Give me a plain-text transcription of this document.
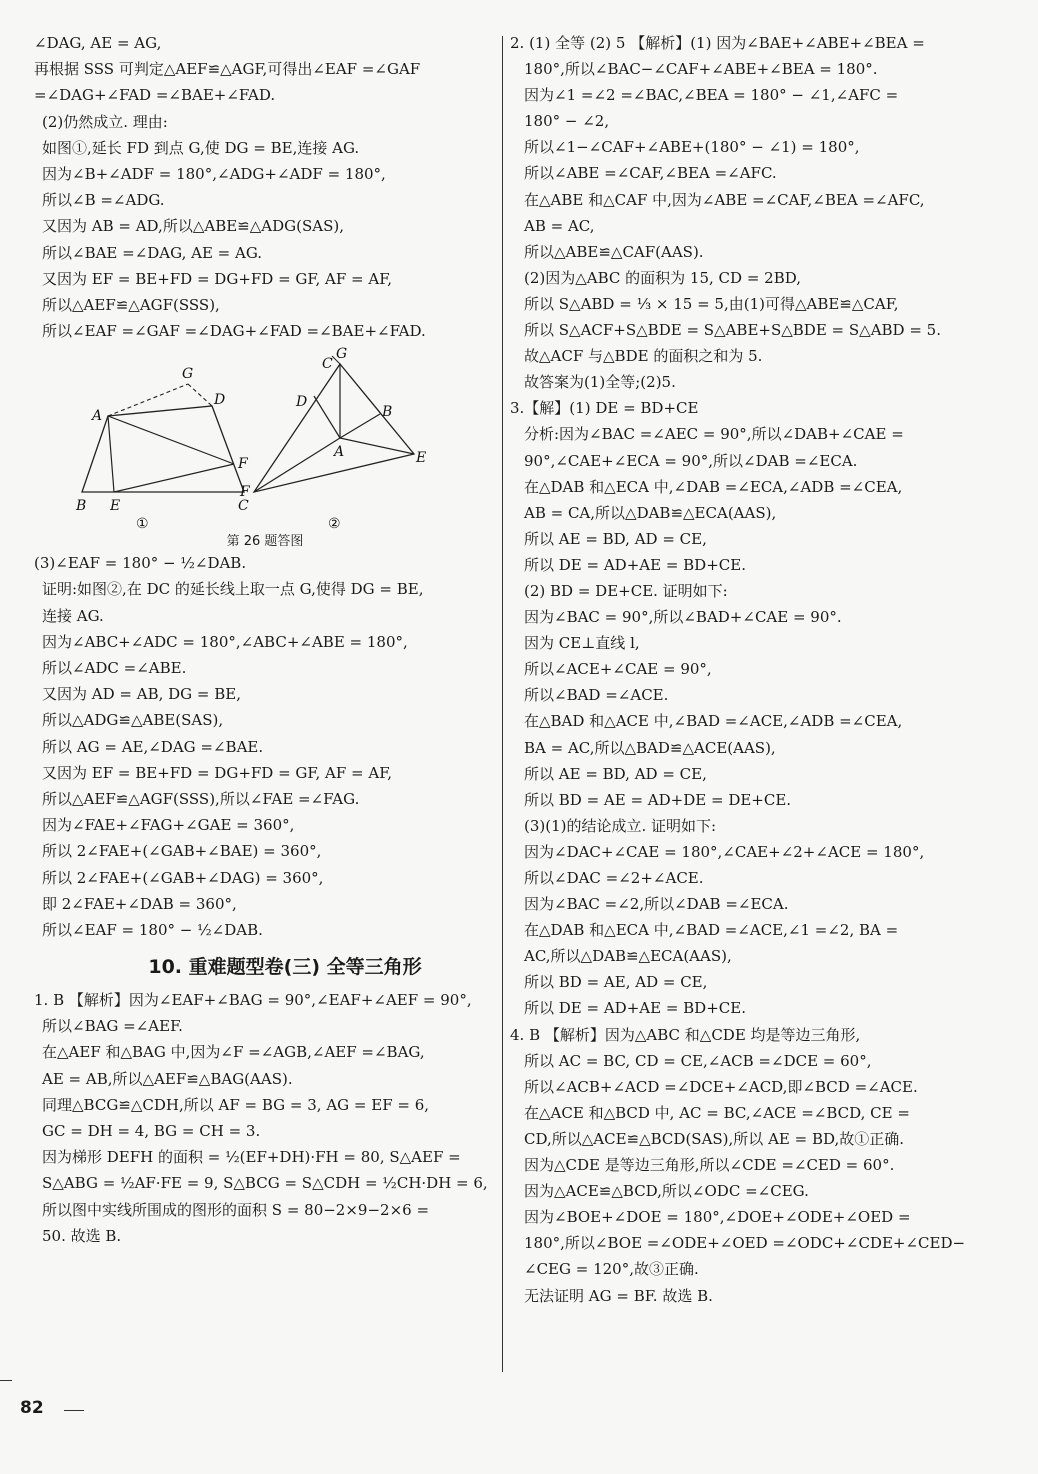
∠DAG, AE = AG,
再根据 SSS 可判定△AEF≌△AGF,可得出∠EAF =∠GAF
=∠DAG+∠FAD =∠BAE+∠FAD.
(2)仍然成立. 理由:
如图①,延长 FD 到点 G,使 DG = BE,连接 AG.
因为∠B+∠ADF = 180°,∠ADG+∠ADF = 180°,
所以∠B =∠ADG.
又因为 AB = AD,所以△ABE≌△ADG(SAS),
所以∠BAE =∠DAG, AE = AG.
又因为 EF = BE+FD = DG+FD = GF, AF = AF,
所以△AEF≌△AGF(SSS),
所以∠EAF =∠GAF =∠DAG+∠FAD =∠BAE+∠FAD.
G
A
D
F
B E	C
①
C
G
D
B
A	E
F
②
第 26 题答图
(3)∠EAF = 180° − ½∠DAB.
证明:如图②,在 DC 的延长线上取一点 G,使得 DG = BE,
连接 AG.
因为∠ABC+∠ADC = 180°,∠ABC+∠ABE = 180°,
所以∠ADC =∠ABE.
又因为 AD = AB, DG = BE,
所以△ADG≌△ABE(SAS),
所以 AG = AE,∠DAG =∠BAE.
又因为 EF = BE+FD = DG+FD = GF, AF = AF,
所以△AEF≌△AGF(SSS),所以∠FAE =∠FAG.
因为∠FAE+∠FAG+∠GAE = 360°,
所以 2∠FAE+(∠GAB+∠BAE) = 360°,
所以 2∠FAE+(∠GAB+∠DAG) = 360°,
即 2∠FAE+∠DAB = 360°,
所以∠EAF = 180° − ½∠DAB.
10. 重难题型卷(三) 全等三角形
1. B 【解析】因为∠EAF+∠BAG = 90°,∠EAF+∠AEF = 90°,
所以∠BAG =∠AEF.
在△AEF 和△BAG 中,因为∠F =∠AGB,∠AEF =∠BAG,
AE = AB,所以△AEF≌△BAG(AAS).
同理△BCG≌△CDH,所以 AF = BG = 3, AG = EF = 6,
GC = DH = 4, BG = CH = 3.
因为梯形 DEFH 的面积 = ½(EF+DH)·FH = 80, S△AEF =
S△ABG = ½AF·FE = 9, S△BCG = S△CDH = ½CH·DH = 6,
所以图中实线所围成的图形的面积 S = 80−2×9−2×6 =
50. 故选 B.
2. (1) 全等 (2) 5 【解析】(1) 因为∠BAE+∠ABE+∠BEA =
180°,所以∠BAC−∠CAF+∠ABE+∠BEA = 180°.
因为∠1 =∠2 =∠BAC,∠BEA = 180° − ∠1,∠AFC =
180° − ∠2,
所以∠1−∠CAF+∠ABE+(180° − ∠1) = 180°,
所以∠ABE =∠CAF,∠BEA =∠AFC.
在△ABE 和△CAF 中,因为∠ABE =∠CAF,∠BEA =∠AFC,
AB = AC,
所以△ABE≌△CAF(AAS).
(2)因为△ABC 的面积为 15, CD = 2BD,
所以 S△ABD = ⅓ × 15 = 5,由(1)可得△ABE≌△CAF,
所以 S△ACF+S△BDE = S△ABE+S△BDE = S△ABD = 5.
故△ACF 与△BDE 的面积之和为 5.
故答案为(1)全等;(2)5.
3.【解】(1) DE = BD+CE
分析:因为∠BAC =∠AEC = 90°,所以∠DAB+∠CAE =
90°,∠CAE+∠ECA = 90°,所以∠DAB =∠ECA.
在△DAB 和△ECA 中,∠DAB =∠ECA,∠ADB =∠CEA,
AB = CA,所以△DAB≌△ECA(AAS),
所以 AE = BD, AD = CE,
所以 DE = AD+AE = BD+CE.
(2) BD = DE+CE. 证明如下:
因为∠BAC = 90°,所以∠BAD+∠CAE = 90°.
因为 CE⊥直线 l,
所以∠ACE+∠CAE = 90°,
所以∠BAD =∠ACE.
在△BAD 和△ACE 中,∠BAD =∠ACE,∠ADB =∠CEA,
BA = AC,所以△BAD≌△ACE(AAS),
所以 AE = BD, AD = CE,
所以 BD = AE = AD+DE = DE+CE.
(3)(1)的结论成立. 证明如下:
因为∠DAC+∠CAE = 180°,∠CAE+∠2+∠ACE = 180°,
所以∠DAC =∠2+∠ACE.
因为∠BAC =∠2,所以∠DAB =∠ECA.
在△DAB 和△ECA 中,∠BAD =∠ACE,∠1 =∠2, BA =
AC,所以△DAB≌△ECA(AAS),
所以 BD = AE, AD = CE,
所以 DE = AD+AE = BD+CE.
4. B 【解析】因为△ABC 和△CDE 均是等边三角形,
所以 AC = BC, CD = CE,∠ACB =∠DCE = 60°,
所以∠ACB+∠ACD =∠DCE+∠ACD,即∠BCD =∠ACE.
在△ACE 和△BCD 中, AC = BC,∠ACE =∠BCD, CE =
CD,所以△ACE≌△BCD(SAS),所以 AE = BD,故①正确.
因为△CDE 是等边三角形,所以∠CDE =∠CED = 60°.
因为△ACE≌△BCD,所以∠ODC =∠CEG.
因为∠BOE+∠DOE = 180°,∠DOE+∠ODE+∠OED =
180°,所以∠BOE =∠ODE+∠OED =∠ODC+∠CDE+∠CED−
∠CEG = 120°,故③正确.
无法证明 AG = BF. 故选 B.
82
